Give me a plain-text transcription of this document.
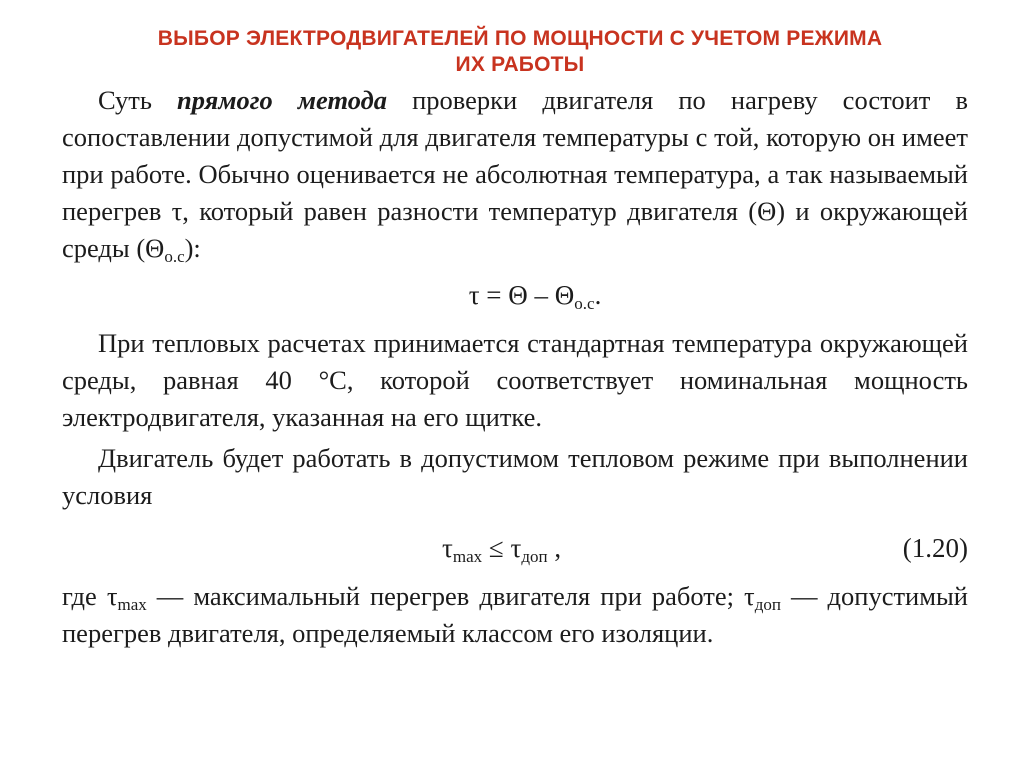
ВЫБОР ЭЛЕКТРОДВИГАТЕЛЕЙ ПО МОЩНОСТИ С УЧЕТОМ РЕЖИМА
ИХ РАБОТЫ

Суть прямого метода проверки двигателя по нагреву состоит в сопоставлении допустимой для двигателя температуры с той, которую он имеет при работе. Обычно оценивается не абсолютная температура, а так называемый перегрев τ, который равен разности температур двигателя (Θ) и окружающей среды $(\Theta_{о.с})$:

$\tau = \Theta - \Theta_{о.с}$.

При тепловых расчетах принимается стандартная температура окружающей среды, равная 40 °С, которой соответствует номинальная мощность электродвигателя, указанная на его щитке.

Двигатель будет работать в допустимом тепловом режиме при выполнении условия

$\tau_{max} \le \tau_{доп}$ ,	(1.20)

где $\tau_{max}$ — максимальный перегрев двигателя при работе; $\tau_{доп}$ — допустимый перегрев двигателя, определяемый классом его изоляции.
